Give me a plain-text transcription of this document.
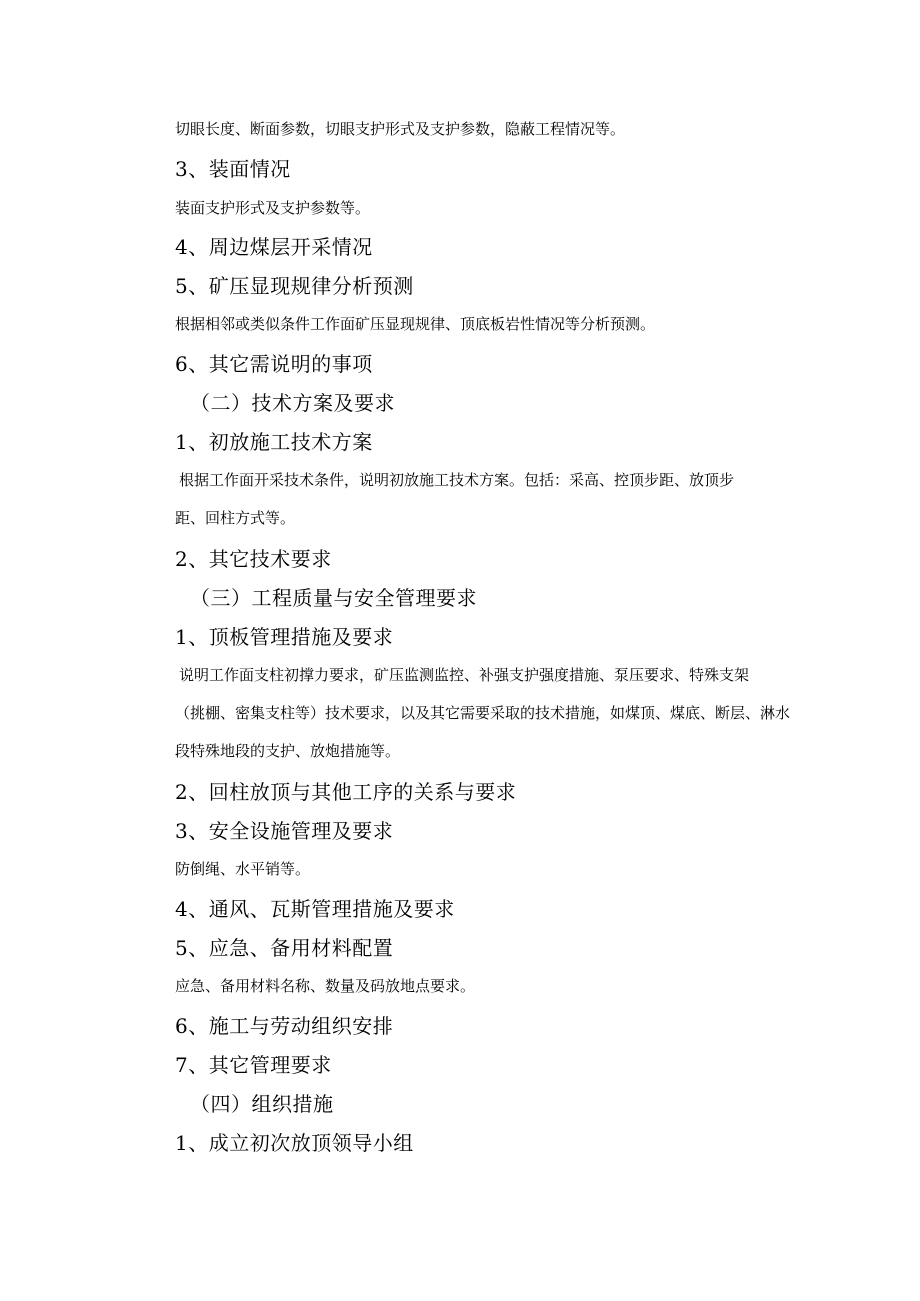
切眼长度、断面参数，切眼支护形式及支护参数，隐蔽工程情况等。
3、装面情况
装面支护形式及支护参数等。
4、周边煤层开采情况
5、矿压显现规律分析预测
根据相邻或类似条件工作面矿压显现规律、顶底板岩性情况等分析预测。
6、其它需说明的事项
（二）技术方案及要求
1、初放施工技术方案
根据工作面开采技术条件，说明初放施工技术方案。包括：采高、控顶步距、放顶步
距、回柱方式等。
2、其它技术要求
（三）工程质量与安全管理要求
1、顶板管理措施及要求
说明工作面支柱初撑力要求，矿压监测监控、补强支护强度措施、泵压要求、特殊支架
（挑棚、密集支柱等）技术要求，以及其它需要采取的技术措施，如煤顶、煤底、断层、淋水
段特殊地段的支护、放炮措施等。
2、回柱放顶与其他工序的关系与要求
3、安全设施管理及要求
防倒绳、水平销等。
4、通风、瓦斯管理措施及要求
5、应急、备用材料配置
应急、备用材料名称、数量及码放地点要求。
6、施工与劳动组织安排
7、其它管理要求
（四）组织措施
1、成立初次放顶领导小组
